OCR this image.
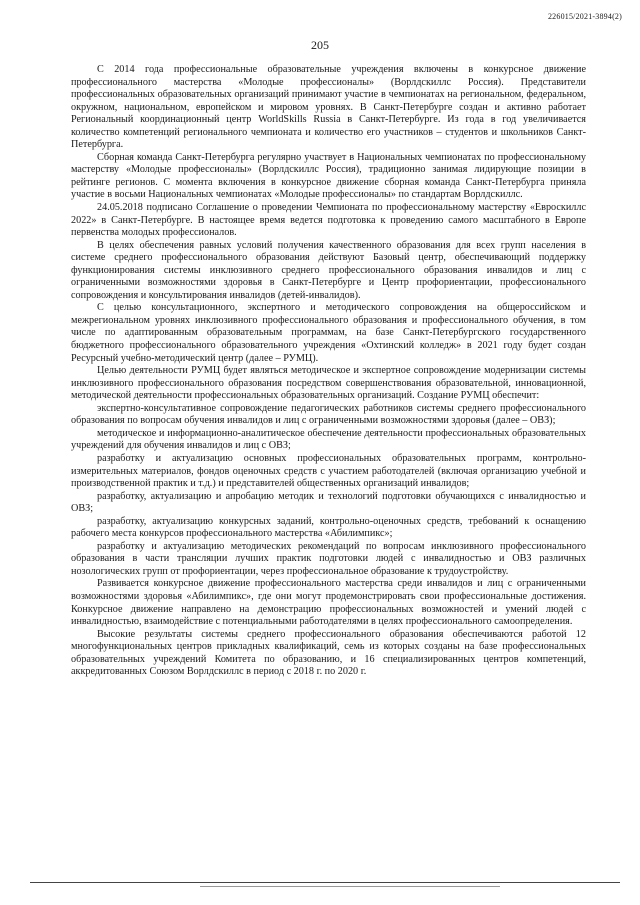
226015/2021-3894(2)
205

С 2014 года профессиональные образовательные учреждения включены в конкурсное движение профессионального мастерства «Молодые профессионалы» (Ворлдскиллс Россия). Представители профессиональных образовательных организаций принимают участие в чемпионатах на региональном, федеральном, окружном, национальном, европейском и мировом уровнях. В Санкт-Петербурге создан и активно работает Региональный координационный центр WorldSkills Russia в Санкт-Петербурге. Из года в год увеличивается количество компетенций регионального чемпионата и количество его участников – студентов и школьников Санкт-Петербурга.

Сборная команда Санкт-Петербурга регулярно участвует в Национальных чемпионатах по профессиональному мастерству «Молодые профессионалы» (Ворлдскиллс Россия), традиционно занимая лидирующие позиции в рейтинге регионов. С момента включения в конкурсное движение сборная команда Санкт-Петербурга приняла участие в восьми Национальных чемпионатах «Молодые профессионалы» по стандартам Ворлдскиллс.

24.05.2018 подписано Соглашение о проведении Чемпионата по профессиональному мастерству «Евроскиллс 2022» в Санкт-Петербурге. В настоящее время ведется подготовка к проведению самого масштабного в Европе первенства молодых профессионалов.

В целях обеспечения равных условий получения качественного образования для всех групп населения в системе среднего профессионального образования действуют Базовый центр, обеспечивающий поддержку функционирования системы инклюзивного среднего профессионального образования инвалидов и лиц с ограниченными возможностями здоровья в Санкт-Петербурге и Центр профориентации, профессионального сопровождения и консультирования инвалидов (детей-инвалидов).

С целью консультационного, экспертного и методического сопровождения на общероссийском и межрегиональном уровнях инклюзивного профессионального образования и профессионального обучения, в том числе по адаптированным образовательным программам, на базе Санкт-Петербургского государственного бюджетного профессионального образовательного учреждения «Охтинский колледж» в 2021 году будет создан Ресурсный учебно-методический центр (далее – РУМЦ).

Целью деятельности РУМЦ будет являться методическое и экспертное сопровождение модернизации системы инклюзивного профессионального образования посредством совершенствования образовательной, инновационной, методической деятельности профессиональных образовательных организаций. Создание РУМЦ обеспечит:

экспертно-консультативное сопровождение педагогических работников системы среднего профессионального образования по вопросам обучения инвалидов и лиц с ограниченными возможностями здоровья (далее – ОВЗ);

методическое и информационно-аналитическое обеспечение деятельности профессиональных образовательных учреждений для обучения инвалидов и лиц с ОВЗ;

разработку и актуализацию основных профессиональных образовательных программ, контрольно-измерительных материалов, фондов оценочных средств с участием работодателей (включая организацию учебной и производственной практик и т.д.) и представителей общественных организаций инвалидов;

разработку, актуализацию и апробацию методик и технологий подготовки обучающихся с инвалидностью и ОВЗ;

разработку, актуализацию конкурсных заданий, контрольно-оценочных средств, требований к оснащению рабочего места конкурсов профессионального мастерства «Абилимпикс»;

разработку и актуализацию методических рекомендаций по вопросам инклюзивного профессионального образования в части трансляции лучших практик подготовки людей с инвалидностью и ОВЗ различных нозологических групп от профориентации, через профессиональное образование к трудоустройству.

Развивается конкурсное движение профессионального мастерства среди инвалидов и лиц с ограниченными возможностями здоровья «Абилимпикс», где они могут продемонстрировать свои профессиональные достижения. Конкурсное движение направлено на демонстрацию профессиональных возможностей и умений людей с инвалидностью, взаимодействие с потенциальными работодателями в целях профессионального самоопределения.

Высокие результаты системы среднего профессионального образования обеспечиваются работой 12 многофункциональных центров прикладных квалификаций, семь из которых созданы на базе профессиональных образовательных учреждений Комитета по образованию, и 16 специализированных центров компетенций, аккредитованных Союзом Ворлдскиллс в период с 2018 г. по 2020 г.
